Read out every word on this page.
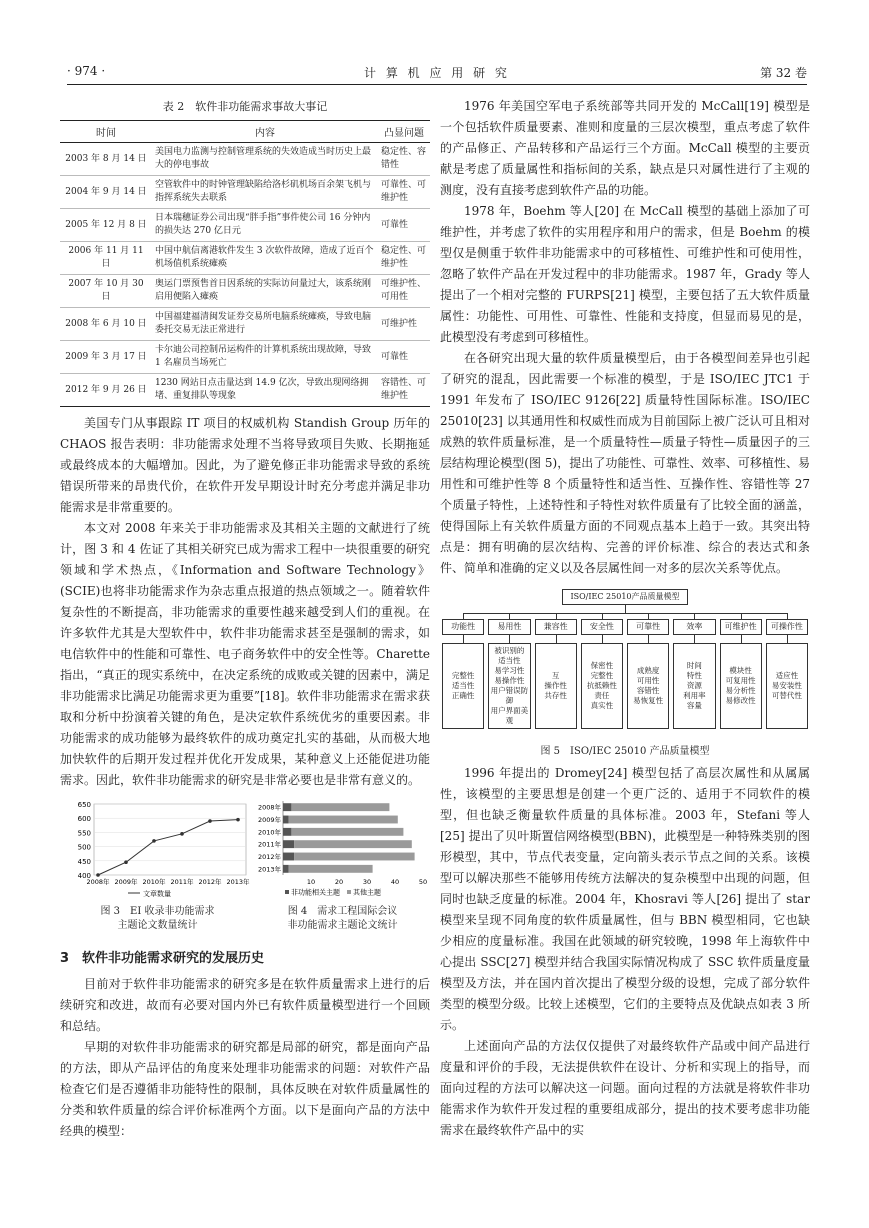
· 974 ·	计 算 机 应 用 研 究	第 32 卷
表 2　软件非功能需求事故大事记
时间	内容	凸显问题
2003 年 8 月 14 日	美国电力监测与控制管理系统的失效造成当时历史上最大的停电事故	稳定性、容错性
2004 年 9 月 14 日	空管软件中的时钟管理缺陷给洛杉矶机场百余架飞机与指挥系统失去联系	可靠性、可维护性
2005 年 12 月 8 日	日本瑞穗证券公司出现“胖手指”事件使公司 16 分钟内的损失达 270 亿日元	可靠性
2006 年 11 月 11 日	中国中航信离港软件发生 3 次软件故障，造成了近百个机场值机系统瘫痪	稳定性、可维护性
2007 年 10 月 30 日	奥运门票预售首日因系统的实际访问量过大，该系统刚启用便陷入瘫痪	可维护性、可用性
2008 年 6 月 10 日	中国福建福清闽发证券交易所电脑系统瘫痪，导致电脑委托交易无法正常进行	可维护性
2009 年 3 月 17 日	卡尔迪公司控制吊运构件的计算机系统出现故障，导致 1 名雇员当场死亡	可靠性
2012 年 9 月 26 日	1230 网站日点击量达到 14.9 亿次，导致出现网络拥堵、重复排队等现象	容错性、可维护性

美国专门从事跟踪 IT 项目的权威机构 Standish Group 历年的 CHAOS 报告表明：非功能需求处理不当将导致项目失败、长期拖延或最终成本的大幅增加。因此，为了避免修正非功能需求导致的系统错误所带来的昂贵代价，在软件开发早期设计时充分考虑并满足非功能需求是非常重要的。

本文对 2008 年来关于非功能需求及其相关主题的文献进行了统计，图 3 和 4 佐证了其相关研究已成为需求工程中一块很重要的研究领域和学术热点，《Information and Software Technology》(SCIE)也将非功能需求作为杂志重点报道的热点领域之一。随着软件复杂性的不断提高，非功能需求的重要性越来越受到人们的重视。在许多软件尤其是大型软件中，软件非功能需求甚至是强制的需求，如电信软件中的性能和可靠性、电子商务软件中的安全性等。Charette 指出，“真正的现实系统中，在决定系统的成败或关键的因素中，满足非功能需求比满足功能需求更为重要”[18]。软件非功能需求在需求获取和分析中扮演着关键的角色，是决定软件系统优劣的重要因素。非功能需求的成功能够为最终软件的成功奠定扎实的基础，从而极大地加快软件的后期开发过程并优化开发成果，某种意义上还能促进功能需求。因此，软件非功能需求的研究是非常必要也是非常有意义的。

400
450
500
550
600
650
2008年 2009年 2010年 2011年 2012年 2013年
文章数量
2008年
2009年
2010年
2011年
2012年
2013年
10	20	30	40	50
非功能相关主题 其他主题
图 3　EI 收录非功能需求
主题论文数量统计
图 4　需求工程国际会议
非功能需求主题论文统计
3　软件非功能需求研究的发展历史

目前对于软件非功能需求的研究多是在软件质量需求上进行的后续研究和改进，故而有必要对国内外已有软件质量模型进行一个回顾和总结。

早期的对软件非功能需求的研究都是局部的研究，都是面向产品的方法，即从产品评估的角度来处理非功能需求的问题：对软件产品检查它们是否遵循非功能特性的限制，具体反映在对软件质量属性的分类和软件质量的综合评价标准两个方面。以下是面向产品的方法中经典的模型：

1976 年美国空军电子系统部等共同开发的 McCall[19] 模型是一个包括软件质量要素、准则和度量的三层次模型，重点考虑了软件的产品修正、产品转移和产品运行三个方面。McCall 模型的主要贡献是考虑了质量属性和指标间的关系，缺点是只对属性进行了主观的测度，没有直接考虑到软件产品的功能。

1978 年，Boehm 等人[20] 在 McCall 模型的基础上添加了可维护性，并考虑了软件的实用程序和用户的需求，但是 Boehm 的模型仅是侧重于软件非功能需求中的可移植性、可维护性和可使用性，忽略了软件产品在开发过程中的非功能需求。1987 年，Grady 等人提出了一个相对完整的 FURPS[21] 模型，主要包括了五大软件质量属性：功能性、可用性、可靠性、性能和支持度，但显而易见的是，此模型没有考虑到可移植性。

在各研究出现大量的软件质量模型后，由于各模型间差异也引起了研究的混乱，因此需要一个标准的模型，于是 ISO/IEC JTC1 于 1991 年发布了 ISO/IEC 9126[22] 质量特性国际标准。ISO/IEC 25010[23] 以其通用性和权威性而成为目前国际上被广泛认可且相对成熟的软件质量标准，是一个质量特性—质量子特性—质量因子的三层结构理论模型(图 5)，提出了功能性、可靠性、效率、可移植性、易用性和可维护性等 8 个质量特性和适当性、互操作性、容错性等 27 个质量子特性，上述特性和子特性对软件质量有了比较全面的涵盖，使得国际上有关软件质量方面的不同观点基本上趋于一致。其突出特点是：拥有明确的层次结构、完善的评价标准、综合的表达式和条件、简单和准确的定义以及各层属性间一对多的层次关系等优点。

ISO/IEC 25010产品质量模型
功能性
完整性
适当性
正确性
易用性
被识别的
适当性
易学习性
易操作性
用户错误防御
用户界面美观
兼容性
互
操作性
共存性
安全性
保密性
完整性
抗抵赖性
责任
真实性
可靠性
成熟度
可用性
容错性
易恢复性
效率
时间
特性
资源
利用率
容量
可维护性
模块性
可复用性
易分析性
易修改性
可操作性
适应性
易安装性
可替代性
图 5　ISO/IEC 25010 产品质量模型

1996 年提出的 Dromey[24] 模型包括了高层次属性和从属属性，该模型的主要思想是创建一个更广泛的、适用于不同软件的模型，但也缺乏衡量软件质量的具体标准。2003 年，Stefani 等人[25] 提出了贝叶斯置信网络模型(BBN)，此模型是一种特殊类别的图形模型，其中，节点代表变量，定向箭头表示节点之间的关系。该模型可以解决那些不能够用传统方法解决的复杂模型中出现的问题，但同时也缺乏度量的标准。2004 年，Khosravi 等人[26] 提出了 star 模型来呈现不同角度的软件质量属性，但与 BBN 模型相同，它也缺少相应的度量标准。我国在此领域的研究较晚，1998 年上海软件中心提出 SSC[27] 模型并结合我国实际情况构成了 SSC 软件质量度量模型及方法，并在国内首次提出了模型分级的设想，完成了部分软件类型的模型分级。比较上述模型，它们的主要特点及优缺点如表 3 所示。

上述面向产品的方法仅仅提供了对最终软件产品或中间产品进行度量和评价的手段，无法提供软件在设计、分析和实现上的指导，而面向过程的方法可以解决这一问题。面向过程的方法就是将软件非功能需求作为软件开发过程的重要组成部分，提出的技术要考虑非功能需求在最终软件产品中的实
